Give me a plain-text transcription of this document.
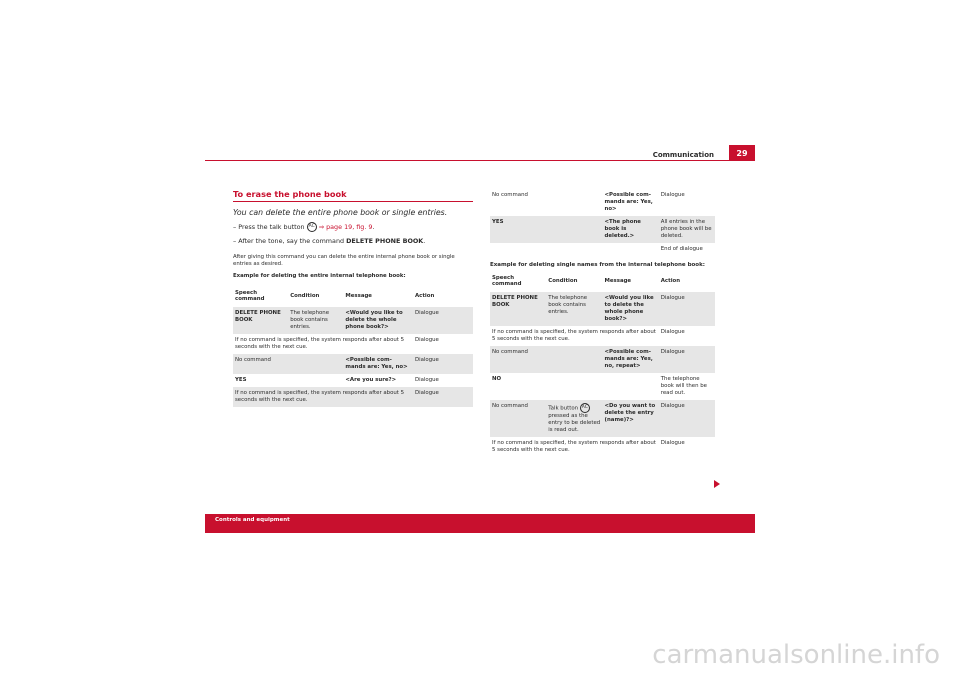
Communication	29
To erase the phone book
You can delete the entire phone book or single entries.
– Press the talk button AC ⇒ page 19, fig. 9.
– After the tone, say the command DELETE PHONE BOOK.
After giving this command you can delete the entire internal phone book or single entries as desired.
Example for deleting the entire internal telephone book:
Speech command	Condition	Message	Action
DELETE PHONE BOOK	The telephone book contains entries.	<Would you like to delete the whole phone book?>	Dialogue
If no command is specified, the system responds after about 5 seconds with the next cue.			Dialogue
No command		<Possible com-mands are: Yes, no>	Dialogue
YES		<Are you sure?>	Dialogue
If no command is specified, the system responds after about 5 seconds with the next cue.			Dialogue
No command		<Possible com-mands are: Yes, no>	Dialogue
YES		<The phone book is deleted.>	All entries in the phone book will be deleted.
			End of dialogue
Example for deleting single names from the internal telephone book:
Speech command	Condition	Message	Action
DELETE PHONE BOOK	The telephone book contains entries.	<Would you like to delete the whole phone book?>	Dialogue
If no command is specified, the system responds after about 5 seconds with the next cue.			Dialogue
No command		<Possible com-mands are: Yes, no, repeat>	Dialogue
NO			The telephone book will then be read out.
No command	Talk button AC pressed as the entry to be deleted is read out.	<Do you want to delete the entry (name)?>	Dialogue
If no command is specified, the system responds after about 5 seconds with the next cue.			Dialogue
Controls and equipment
carmanualsonline.info
